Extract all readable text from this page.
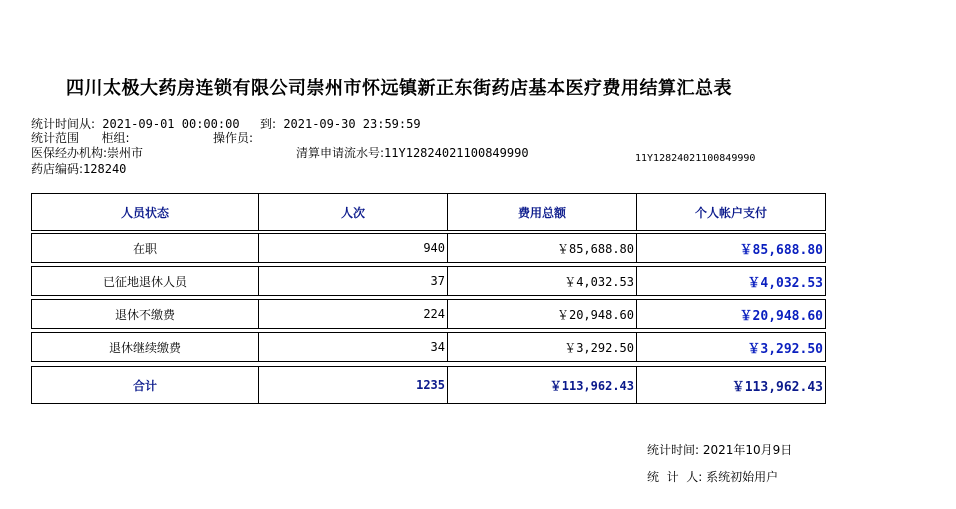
四川太极大药房连锁有限公司崇州市怀远镇新正东街药店基本医疗费用结算汇总表
统计时间从: 2021-09-01 00:00:00 到: 2021-09-30 23:59:59
统计范围 柜组:	操作员:
医保经办机构:崇州市	清算申请流水号:11Y12824021100849990	11Y12824021100849990
药店编码:128240
人员状态	人次	费用总额	个人帐户支付
在职	940	￥85,688.80	￥85,688.80
已征地退休人员	37	￥4,032.53	￥4,032.53
退休不缴费	224	￥20,948.60	￥20,948.60
退休继续缴费	34	￥3,292.50	￥3,292.50
合计	1235	￥113,962.43	￥113,962.43
统计时间: 2021年10月9日
统  计  人: 系统初始用户
